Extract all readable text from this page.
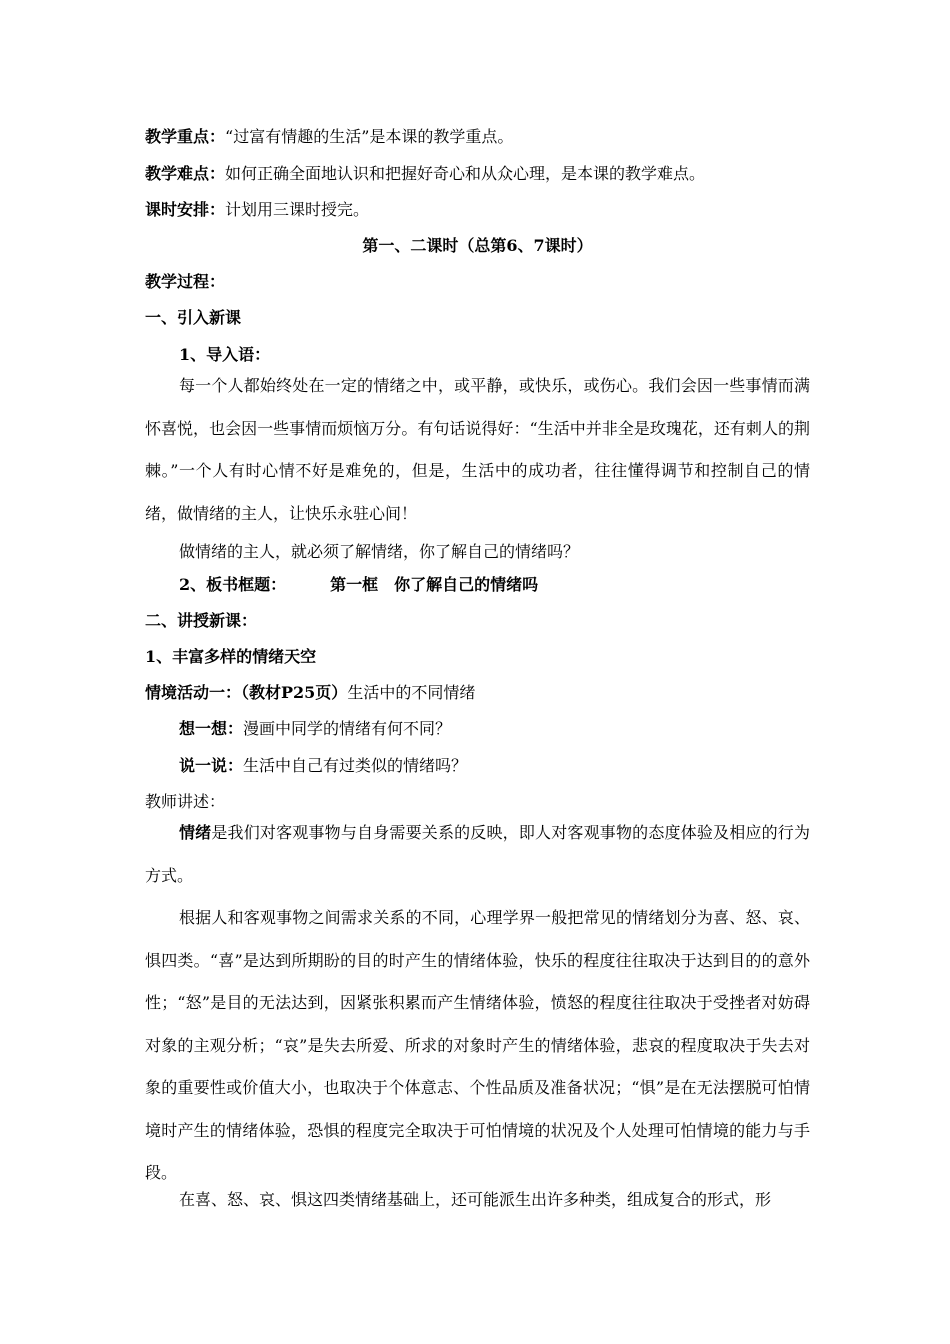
教学重点：“过富有情趣的生活”是本课的教学重点。
教学难点：如何正确全面地认识和把握好奇心和从众心理，是本课的教学难点。
课时安排：计划用三课时授完。
第一、二课时（总第6、7课时）
教学过程：
一、引入新课
1、导入语：
每一个人都始终处在一定的情绪之中，或平静，或快乐，或伤心。我们会因一些事情而满怀喜悦，也会因一些事情而烦恼万分。有句话说得好：“生活中并非全是玫瑰花，还有刺人的荆棘。”一个人有时心情不好是难免的，但是，生活中的成功者，往往懂得调节和控制自己的情绪，做情绪的主人，让快乐永驻心间！
做情绪的主人，就必须了解情绪，你了解自己的情绪吗？
2、板书框题：	第一框　你了解自己的情绪吗
二、讲授新课：
1、丰富多样的情绪天空
情境活动一：（教材P25页）生活中的不同情绪
想一想：漫画中同学的情绪有何不同？
说一说：生活中自己有过类似的情绪吗？
教师讲述：
情绪是我们对客观事物与自身需要关系的反映，即人对客观事物的态度体验及相应的行为方式。
根据人和客观事物之间需求关系的不同，心理学界一般把常见的情绪划分为喜、怒、哀、惧四类。“喜”是达到所期盼的目的时产生的情绪体验，快乐的程度往往取决于达到目的的意外性；“怒”是目的无法达到，因紧张积累而产生情绪体验，愤怒的程度往往取决于受挫者对妨碍对象的主观分析；“哀”是失去所爱、所求的对象时产生的情绪体验，悲哀的程度取决于失去对象的重要性或价值大小，也取决于个体意志、个性品质及准备状况；“惧”是在无法摆脱可怕情境时产生的情绪体验，恐惧的程度完全取决于可怕情境的状况及个人处理可怕情境的能力与手段。
在喜、怒、哀、惧这四类情绪基础上，还可能派生出许多种类，组成复合的形式，形
